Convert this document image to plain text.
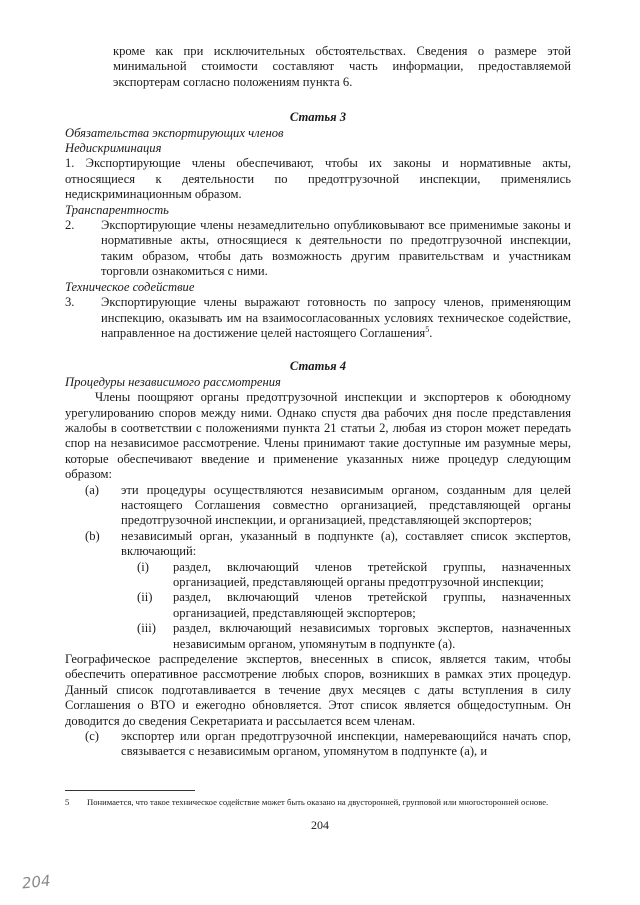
кроме как при исключительных обстоятельствах. Сведения о размере этой минимальной стоимости составляют часть информации, предоставляемой экспортерам согласно положениям пункта 6.

Статья 3

Обязательства экспортирующих членов

Недискриминация

1. Экспортирующие члены обеспечивают, чтобы их законы и нормативные акты, относящиеся к деятельности по предотгрузочной инспекции, применялись недискриминационным образом.

Транспарентность

2.	Экспортирующие члены незамедлительно опубликовывают все применимые законы и нормативные акты, относящиеся к деятельности по предотгрузочной инспекции, таким образом, чтобы дать возможность другим правительствам и участникам торговли ознакомиться с ними.

Техническое содействие

3.	Экспортирующие члены выражают готовность по запросу членов, применяющим инспекцию, оказывать им на взаимосогласованных условиях техническое содействие, направленное на достижение целей настоящего Соглашения$^5$.

Статья 4

Процедуры независимого рассмотрения

Члены поощряют органы предотгрузочной инспекции и экспортеров к обоюдному урегулированию споров между ними. Однако спустя два рабочих дня после представления жалобы в соответствии с положениями пункта 21 статьи 2, любая из сторон может передать спор на независимое рассмотрение. Члены принимают такие доступные им разумные меры, которые обеспечивают введение и применение указанных ниже процедур следующим образом:

(a)	эти процедуры осуществляются независимым органом, созданным для целей настоящего Соглашения совместно организацией, представляющей органы предотгрузочной инспекции, и организацией, представляющей экспортеров;
(b)	независимый орган, указанный в подпункте (a), составляет список экспертов, включающий:
(i)	раздел, включающий членов третейской группы, назначенных организацией, представляющей органы предотгрузочной инспекции;
(ii)	раздел, включающий членов третейской группы, назначенных организацией, представляющей экспортеров;
(iii)	раздел, включающий независимых торговых экспертов, назначенных независимым органом, упомянутым в подпункте (a).

Географическое распределение экспертов, внесенных в список, является таким, чтобы обеспечить оперативное рассмотрение любых споров, возникших в рамках этих процедур. Данный список подготавливается в течение двух месяцев с даты вступления в силу Соглашения о ВТО и ежегодно обновляется. Этот список является общедоступным. Он доводится до сведения Секретариата и рассылается всем членам.

(c)	экспортер или орган предотгрузочной инспекции, намеревающийся начать спор, связывается с независимым органом, упомянутом в подпункте (a), и
5	Понимается, что такое техническое содействие может быть оказано на двусторонней, групповой или многосторонней основе.
204
204
